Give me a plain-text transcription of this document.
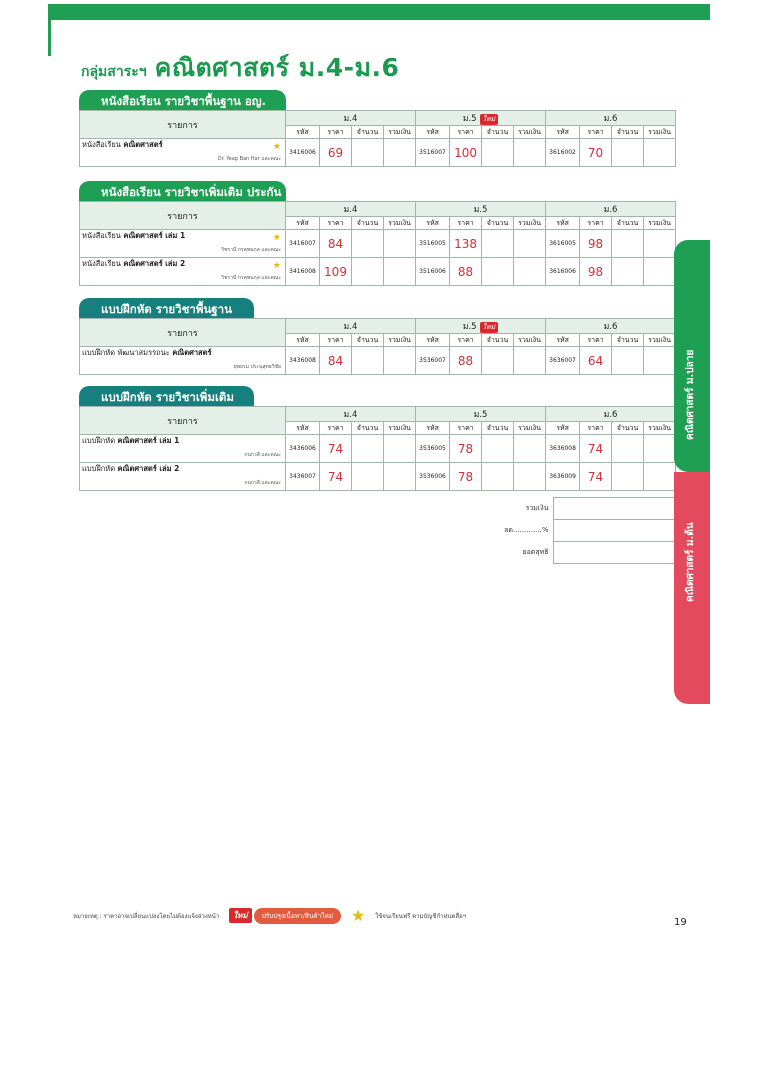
กลุ่มสาระฯ คณิตศาสตร์ ม.4-ม.6
หนังสือเรียน รายวิชาพื้นฐาน อญ.
รายการ	ม.4				ม.5 ใหม่				ม.6			
	รหัส	ราคา	จำนวน	รวมเงิน	รหัส	ราคา	จำนวน	รวมเงิน	รหัส	ราคา	จำนวน	รวมเงิน
หนังสือเรียน คณิตศาสตร์ ★
Dr. Yeap Ban Har และคณะ	3416006	69			3516007	100			3616002	70		
หนังสือเรียน รายวิชาเพิ่มเติม ประกัน
รายการ	ม.4				ม.5				ม.6			
	รหัส	ราคา	จำนวน	รวมเงิน	รหัส	ราคา	จำนวน	รวมเงิน	รหัส	ราคา	จำนวน	รวมเงิน
หนังสือเรียน คณิตศาสตร์ เล่ม 1 ★
วิชรานี กรคุพนกุล และคณะ	3416007	84			3516005	138			3616005	98		
หนังสือเรียน คณิตศาสตร์ เล่ม 2 ★
วิชรานี กรคุพนกุล และคณะ	3416008	109			3516006	88			3616006	98		
แบบฝึกหัด รายวิชาพื้นฐาน
รายการ	ม.4				ม.5 ใหม่				ม.6			
	รหัส	ราคา	จำนวน	รวมเงิน	รหัส	ราคา	จำนวน	รวมเงิน	รหัส	ราคา	จำนวน	รวมเงิน
แบบฝึกหัด พัฒนาสมรรถนะ คณิตศาสตร์
ยุพยรม ประนุสุทธวิชัย	3436008	84			3536007	88			3636007	64		
แบบฝึกหัด รายวิชาเพิ่มเติม
รายการ	ม.4				ม.5				ม.6			
	รหัส	ราคา	จำนวน	รวมเงิน	รหัส	ราคา	จำนวน	รวมเงิน	รหัส	ราคา	จำนวน	รวมเงิน
แบบฝึกหัด คณิตศาสตร์ เล่ม 1
กนกวลี และคณะ	3436006	74			3536005	78			3636008	74		
แบบฝึกหัด คณิตศาสตร์ เล่ม 2
กนกวลี และคณะ	3436007	74			3536006	78			3636009	74		
รวมเงิน	
ลด.............%	
ยอดสุทธิ	
คณิตศาสตร์ ม.ปลาย
คณิตศาสตร์ ม.ต้น
หมายเหตุ : ราคาอาจเปลี่ยนแปลงโดยไม่ต้องแจ้งล่วงหน้า	ใหม่	ปรับปรุงเนื้อหา/สินค้าใหม่	★ ใช้จนเรียนฟรี ตามบัญชีกำหนดสื่อฯ
19
